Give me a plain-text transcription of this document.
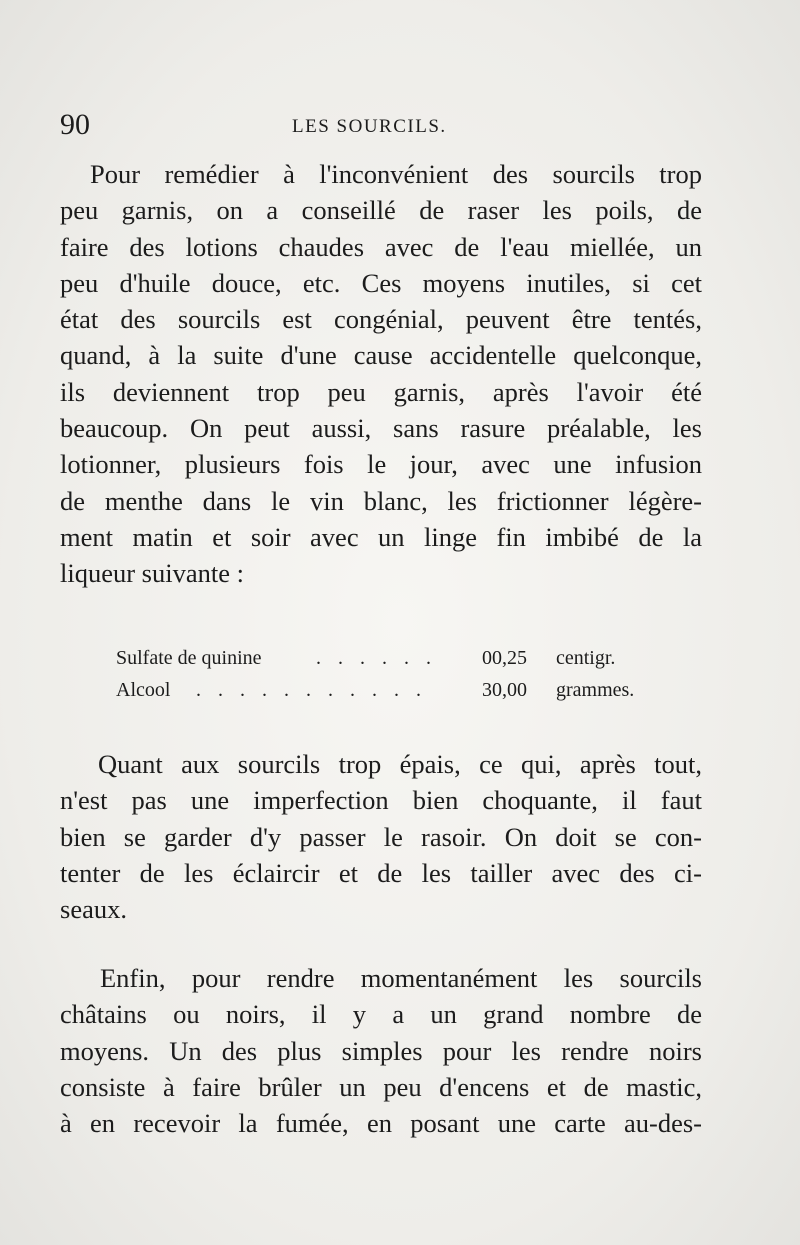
90	LES SOURCILS.
Pour remédier à l'inconvénient des sourcils trop
peu garnis, on a conseillé de raser les poils, de
faire des lotions chaudes avec de l'eau miellée, un
peu d'huile douce, etc. Ces moyens inutiles, si cet
état des sourcils est congénial, peuvent être tentés,
quand, à la suite d'une cause accidentelle quelconque,
ils deviennent trop peu garnis, après l'avoir été
beaucoup. On peut aussi, sans rasure préalable, les
lotionner, plusieurs fois le jour, avec une infusion
de menthe dans le vin blanc, les frictionner légère-
ment matin et soir avec un linge fin imbibé de la
liqueur suivante :
Sulfate de quinine	. . . . . . 00,25 centigr.
Alcool . . . . . . . . . . .	30,00 grammes.
Quant aux sourcils trop épais, ce qui, après tout,
n'est pas une imperfection bien choquante, il faut
bien se garder d'y passer le rasoir. On doit se con-
tenter de les éclaircir et de les tailler avec des ci-
seaux.
Enfin, pour rendre momentanément les sourcils
châtains ou noirs, il y a un grand nombre de
moyens. Un des plus simples pour les rendre noirs
consiste à faire brûler un peu d'encens et de mastic,
à en recevoir la fumée, en posant une carte au-des-
